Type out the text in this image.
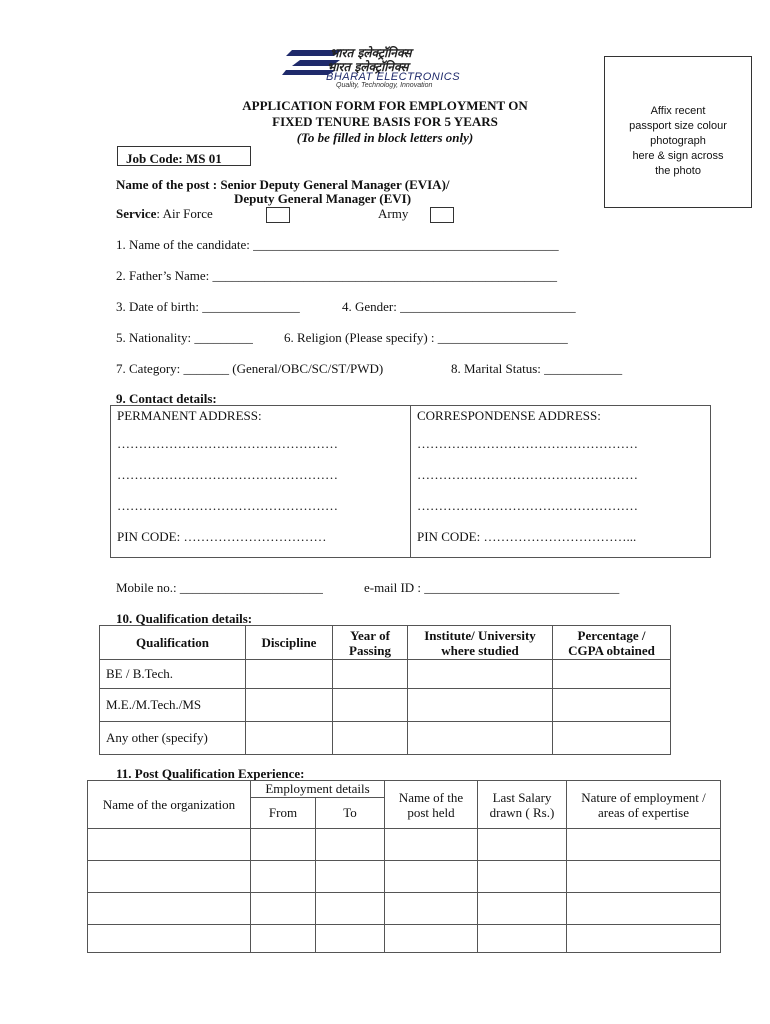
भारत इलेक्ट्रॉनिक्स
भारत इलेक्ट्रॉनिक्स
BHARAT ELECTRONICS
Quality, Technology, Innovation
APPLICATION FORM FOR EMPLOYMENT ON
FIXED TENURE BASIS FOR 5 YEARS
(To be filled in block letters only)
Affix recent
passport size colour
photograph
here & sign across
the photo
Job Code: MS 01
Name of the post : Senior Deputy General Manager (EVIA)/
Deputy General Manager (EVI)
Service: Air Force	Army
1. Name of the candidate: _______________________________________________
2. Father’s Name: _____________________________________________________
3. Date of birth: _______________	4. Gender: ___________________________
5. Nationality: _________ 6. Religion (Please specify) : ____________________
7. Category: _______ (General/OBC/SC/ST/PWD)	8. Marital Status: ____________
9. Contact details:
PERMANENT ADDRESS:
……………………………………………
……………………………………………
……………………………………………
PIN CODE: ……………………………

CORRESPONDENSE ADDRESS:
……………………………………………
……………………………………………
……………………………………………
PIN CODE: ……………………………...
Mobile no.: ______________________	e-mail ID : ______________________________
10. Qualification details:
Qualification	Discipline	Year of Passing	Institute/ University where studied	Percentage / CGPA obtained
BE / B.Tech.				
M.E./M.Tech./MS				
Any other (specify)				
11. Post Qualification Experience:
Name of the organization	Employment details		Name of the post held	Last Salary drawn ( Rs.)	Nature of employment / areas of expertise
	From	To			
